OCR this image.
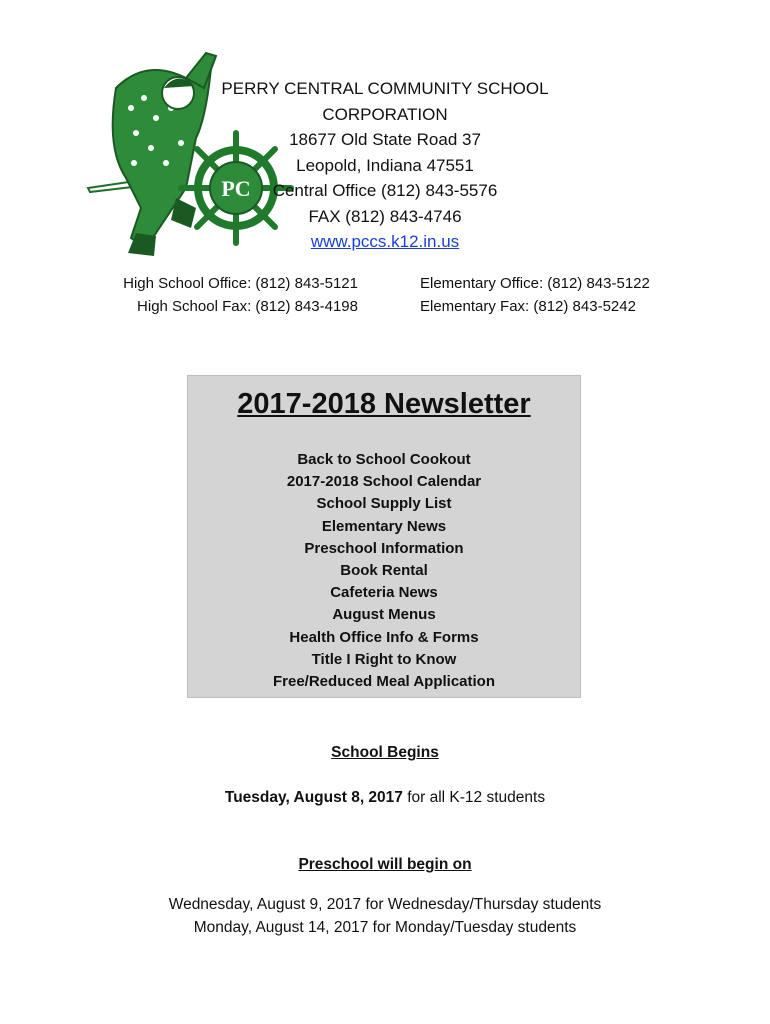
PC
PERRY CENTRAL COMMUNITY SCHOOL CORPORATION
18677 Old State Road 37
Leopold, Indiana 47551
Central Office (812) 843-5576
FAX (812) 843-4746
www.pccs.k12.in.us
High School Office: (812) 843-5121
High School Fax: (812) 843-4198
Elementary Office: (812) 843-5122
Elementary Fax: (812) 843-5242
2017-2018 Newsletter
Back to School Cookout
2017-2018 School Calendar
School Supply List
Elementary News
Preschool Information
Book Rental
Cafeteria News
August Menus
Health Office Info & Forms
Title I Right to Know
Free/Reduced Meal Application
School Begins
Tuesday, August 8, 2017 for all K-12 students
Preschool will begin on
Wednesday, August 9, 2017 for Wednesday/Thursday students
Monday, August 14, 2017 for Monday/Tuesday students
